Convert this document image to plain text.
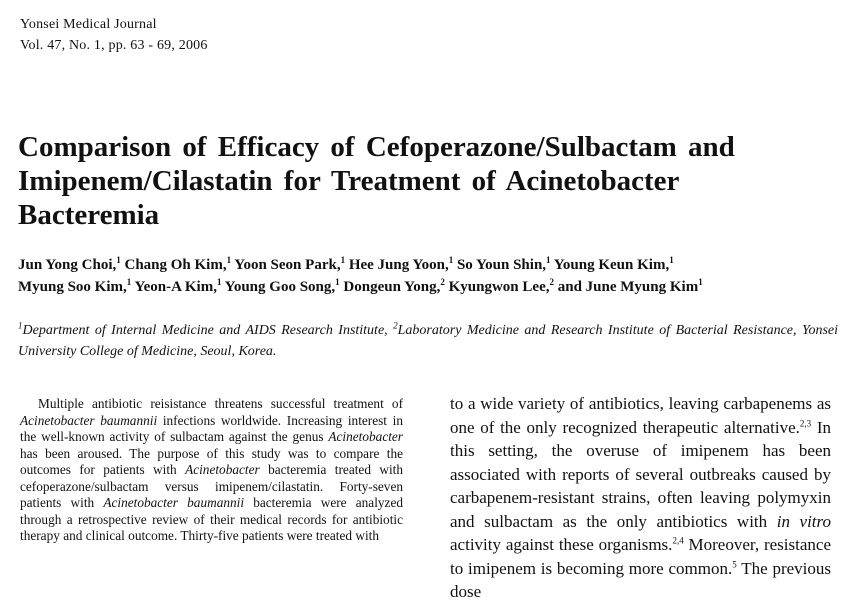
Yonsei Medical Journal
Vol. 47, No. 1, pp. 63 - 69, 2006
Comparison of Efficacy of Cefoperazone/Sulbactam and
Imipenem/Cilastatin for Treatment of Acinetobacter
Bacteremia
Jun Yong Choi,$^1$ Chang Oh Kim,$^1$ Yoon Seon Park,$^1$ Hee Jung Yoon,$^1$ So Youn Shin,$^1$ Young Keun Kim,$^1$
Myung Soo Kim,$^1$ Yeon-A Kim,$^1$ Young Goo Song,$^1$ Dongeun Yong,$^2$ Kyungwon Lee,$^2$ and June Myung Kim$^1$
$^1$Department of Internal Medicine and AIDS Research Institute, $^2$Laboratory Medicine and Research Institute of Bacterial Resistance, Yonsei University College of Medicine, Seoul, Korea.

Multiple antibiotic reisistance threatens successful treatment of Acinetobacter baumannii infections worldwide. Increasing interest in the well-known activity of sulbactam against the genus Acinetobacter has been aroused. The purpose of this study was to compare the outcomes for patients with Acinetobacter bacteremia treated with cefoperazone/sulbactam versus imipenem/cilastatin. Forty-seven patients with Acinetobacter baumannii bacteremia were analyzed through a retrospective review of their medical records for antibiotic therapy and clinical outcome. Thirty-five patients were treated with

to a wide variety of antibiotics, leaving carbapenems as one of the only recognized therapeutic alternative.$^{2,3}$ In this setting, the overuse of imipenem has been associated with reports of several outbreaks caused by carbapenem-resistant strains, often leaving polymyxin and sulbactam as the only antibiotics with in vitro activity against these organisms.$^{2,4}$ Moreover, resistance to imipenem is becoming more common.$^5$ The previous dose
